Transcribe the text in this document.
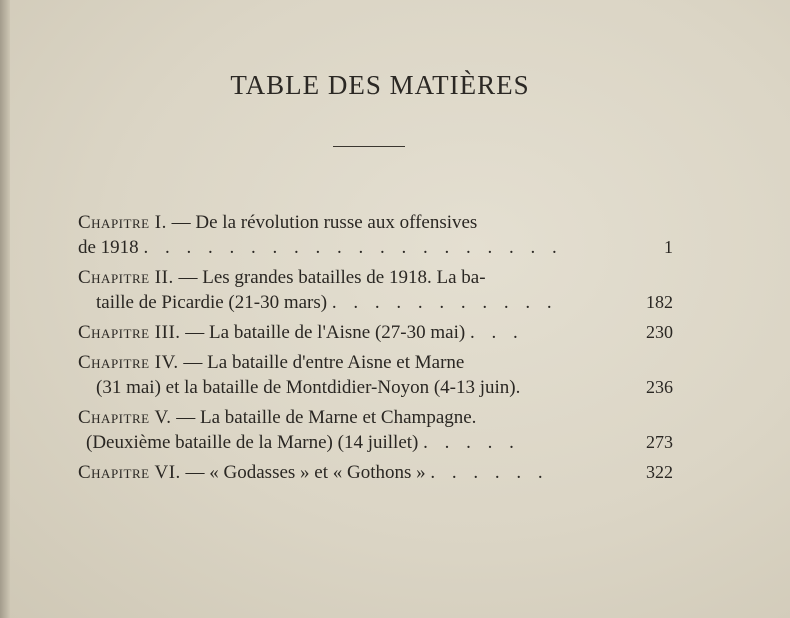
TABLE DES MATIÈRES
Chapitre I. — De la révolution russe aux offensives
de 1918 . . . . . . . . . . . . . . . . . . . .	1
Chapitre II. — Les grandes batailles de 1918. La ba-
taille de Picardie (21-30 mars) . . . . . . . . . . .	182
Chapitre III. — La bataille de l'Aisne (27-30 mai) . . .	230
Chapitre IV. — La bataille d'entre Aisne et Marne
(31 mai) et la bataille de Montdidier-Noyon (4-13 juin).	236
Chapitre V. — La bataille de Marne et Champagne.
(Deuxième bataille de la Marne) (14 juillet) . . . . .	273
Chapitre VI. — « Godasses » et « Gothons » . . . . . .	322
